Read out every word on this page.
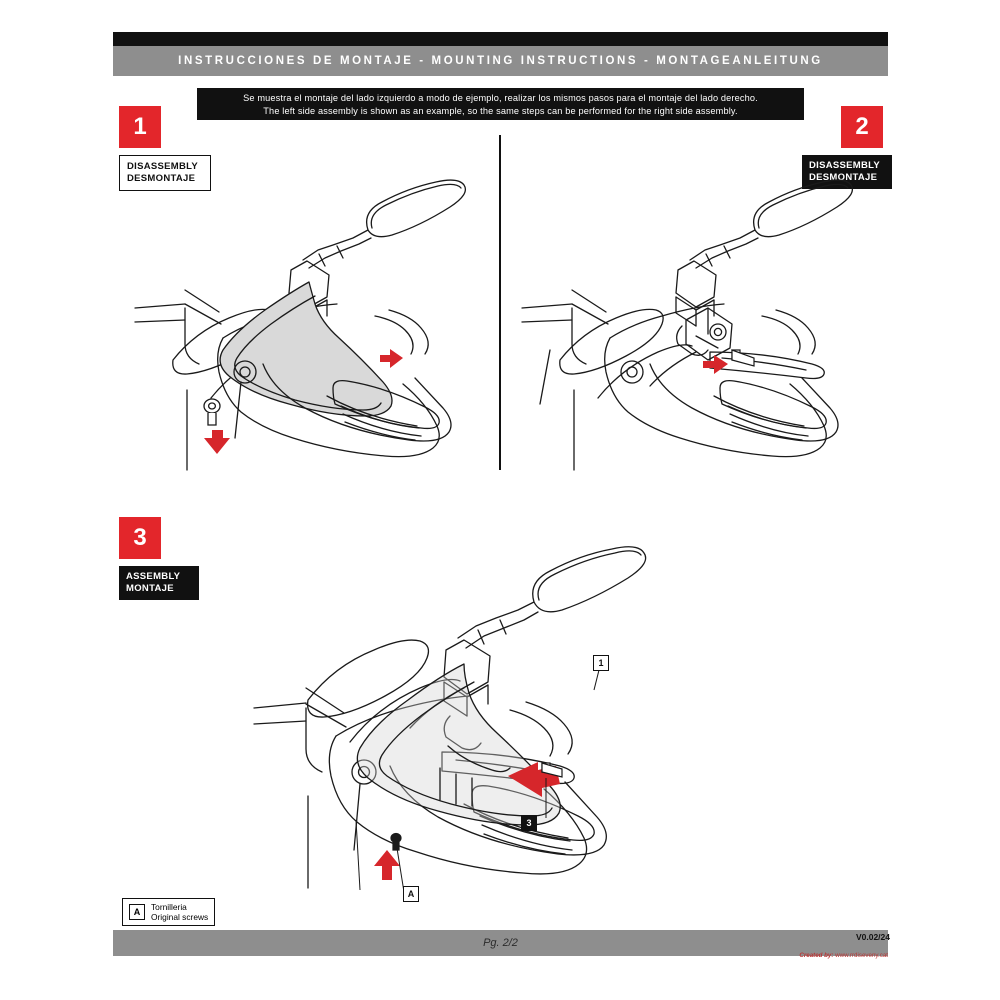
INSTRUCCIONES DE MONTAJE - MOUNTING INSTRUCTIONS - MONTAGEANLEITUNG
Se muestra el montaje del lado izquierdo a modo de ejemplo, realizar los mismos pasos para el montaje del lado derecho.
The left side assembly is shown as an example, so the same steps can be performed for the right side assembly.
1
DISASSEMBLY
DESMONTAJE
2
DISASSEMBLY
DESMONTAJE
3
ASSEMBLY
MONTAJE
1
3
A
A	Tornilleria
Original screws
Pg. 2/2	V0.02/24
Created by: www.rrdiseveny.cat
